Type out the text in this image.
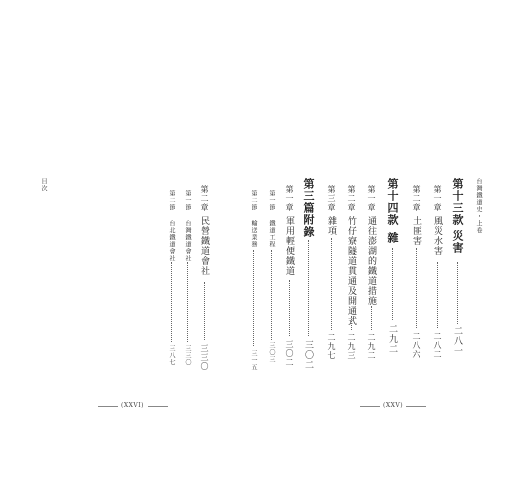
台灣鐵道史・上卷
第十三款
災害
二八一
第一章
風災水害
二八二
第二章
土匪害
二八六
第十四款
雜
二九二
第一章
通往澎湖的鐵道措施
二九二
第二章
竹仔寮隧道貫通及開通式
二九三
第三章
雜項
二九七
第三篇附錄
三〇二
第一章
軍用輕便鐵道
三〇二
第一節
鐵道工程
三〇三
第二節
輸送業務
三一五
(XXV)
第二章
民營鐵道會社
三三〇
第一節
台灣鐵道會社
三三〇
第二節
台北鐵道會社
三八七
目次
(XXVI)
